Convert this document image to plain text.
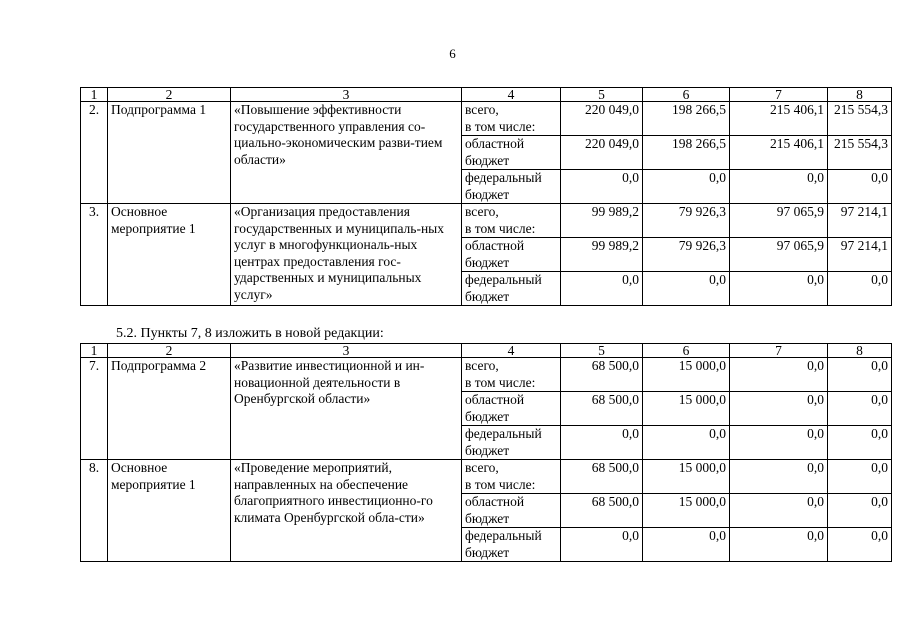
6
1	2	3	4	5	6	7	8
2.	Подпрограмма 1	«Повышение эффективности государственного управления со-циально-экономическим разви-тием области»	всего,
в том числе:	220 049,0	198 266,5	215 406,1	215 554,3
			областной
бюджет	220 049,0	198 266,5	215 406,1	215 554,3
			федеральный
бюджет	0,0	0,0	0,0	0,0
3.	Основное мероприятие 1	«Организация предоставления государственных и муниципаль-ных услуг в многофункциональ-ных центрах предоставления гос-ударственных и муниципальных услуг»	всего,
в том числе:	99 989,2	79 926,3	97 065,9	97 214,1
			областной
бюджет	99 989,2	79 926,3	97 065,9	97 214,1
			федеральный
бюджет	0,0	0,0	0,0	0,0
5.2. Пункты 7, 8 изложить в новой редакции:
1	2	3	4	5	6	7	8
7.	Подпрограмма 2	«Развитие инвестиционной и ин-новационной деятельности в Оренбургской области»	всего,
в том числе:	68 500,0	15 000,0	0,0	0,0
			областной
бюджет	68 500,0	15 000,0	0,0	0,0
			федеральный
бюджет	0,0	0,0	0,0	0,0
8.	Основное мероприятие 1	«Проведение мероприятий, направленных на обеспечение благоприятного инвестиционно-го климата Оренбургской обла-сти»	всего,
в том числе:	68 500,0	15 000,0	0,0	0,0
			областной
бюджет	68 500,0	15 000,0	0,0	0,0
			федеральный
бюджет	0,0	0,0	0,0	0,0
